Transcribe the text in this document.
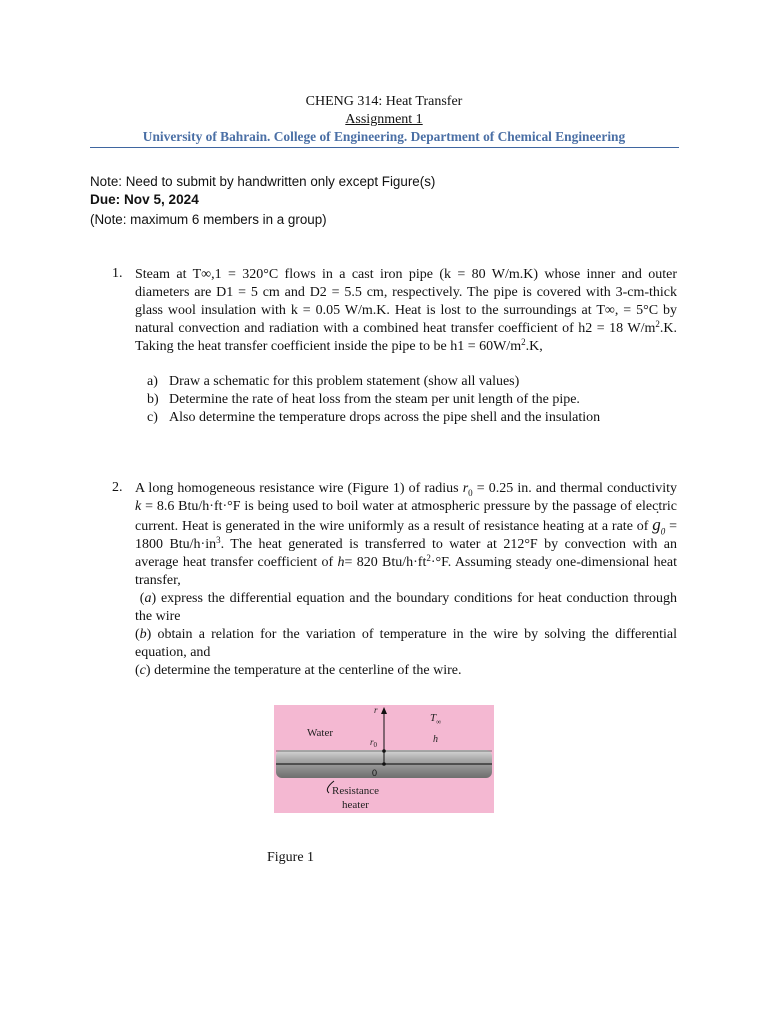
CHENG 314: Heat Transfer
Assignment 1
University of Bahrain. College of Engineering. Department of Chemical Engineering
Note: Need to submit by handwritten only except Figure(s)
Due: Nov 5, 2024
(Note: maximum 6 members in a group)
1. Steam at T∞,1 = 320°C flows in a cast iron pipe (k = 80 W/m.K) whose inner and outer diameters are D1 = 5 cm and D2 = 5.5 cm, respectively. The pipe is covered with 3-cm-thick glass wool insulation with k = 0.05 W/m.K. Heat is lost to the surroundings at T∞, = 5°C by natural convection and radiation with a combined heat transfer coefficient of h2 = 18 $W/m^2.K$. Taking the heat transfer coefficient inside the pipe to be $h1 = 60W/m^2.K$,
a) Draw a schematic for this problem statement (show all values)
b) Determine the rate of heat loss from the steam per unit length of the pipe.
c) Also determine the temperature drops across the pipe shell and the insulation
2. A long homogeneous resistance wire (Figure 1) of radius $r_0 = 0.25$ in. and thermal conductivity k = 8.6 Btu/h·ft·°F is being used to boil water at atmospheric pressure by the passage of electric current. Heat is generated in the wire uniformly as a result of resistance heating at a rate of · $g_0 = 1800$ Btu/$h\cdot in^3$. The heat generated is transferred to water at 212°F by convection with an average heat transfer coefficient of h= 820 Btu/$h\cdot ft^2\cdot^\circ F$. Assuming steady one-dimensional heat transfer,
(a) express the differential equation and the boundary conditions for heat conduction through the wire
(b) obtain a relation for the variation of temperature in the wire by solving the differential equation, and
(c) determine the temperature at the centerline of the wire.
r
Water
$r_0$
$T_\infty$
h
0
Resistance
heater
Figure 1
